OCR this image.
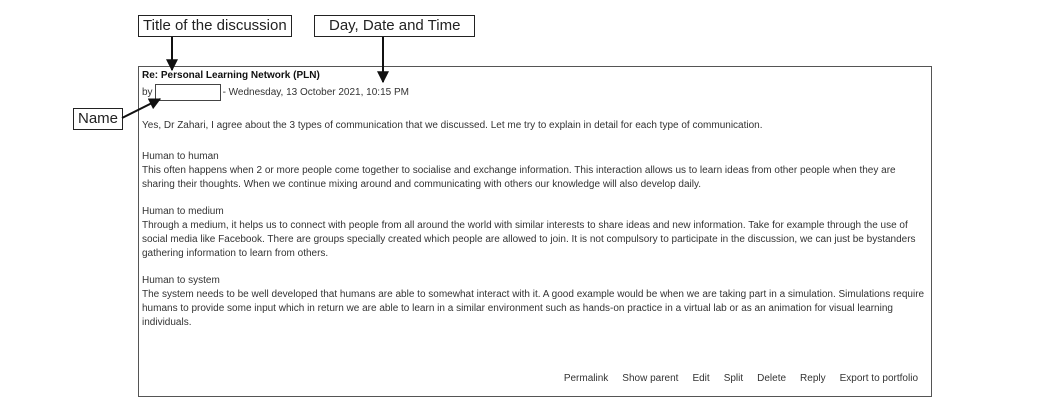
Title of the discussion	Day, Date and Time
Name
Re: Personal Learning Network (PLN)
by	- Wednesday, 13 October 2021, 10:15 PM

Yes, Dr Zahari, I agree about the 3 types of communication that we discussed. Let me try to explain in detail for each type of communication.

Human to human
This often happens when 2 or more people come together to socialise and exchange information. This interaction allows us to learn ideas from other people when they are sharing their thoughts. When we continue mixing around and communicating with others our knowledge will also develop daily.

Human to medium
Through a medium, it helps us to connect with people from all around the world with similar interests to share ideas and new information. Take for example through the use of social media like Facebook. There are groups specially created which people are allowed to join. It is not compulsory to participate in the discussion, we can just be bystanders gathering information to learn from others.

Human to system
The system needs to be well developed that humans are able to somewhat interact with it. A good example would be when we are taking part in a simulation. Simulations require humans to provide some input which in return we are able to learn in a similar environment such as hands-on practice in a virtual lab or as an animation for visual learning individuals.

Permalink Show parent Edit Split Delete Reply Export to portfolio
